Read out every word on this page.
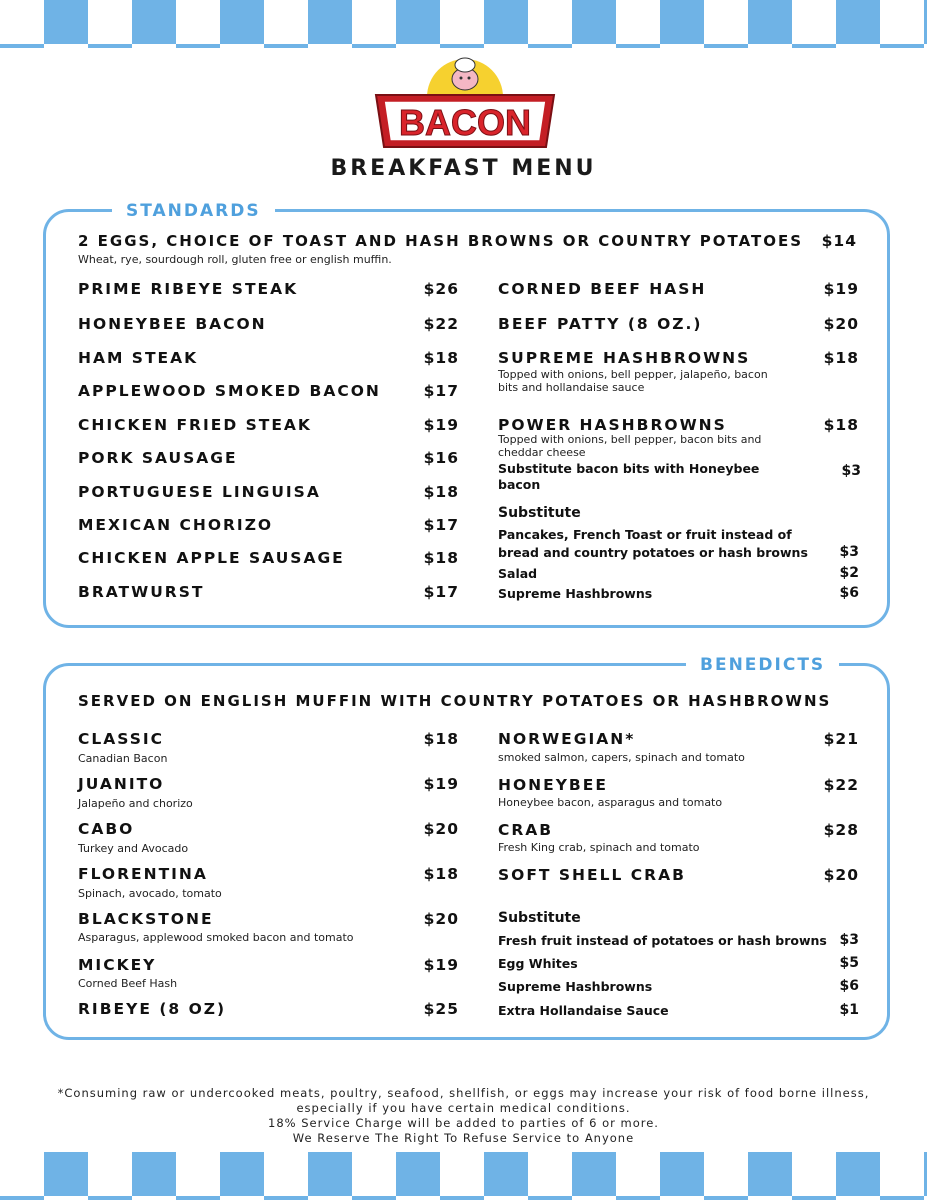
BACON
BREAKFAST MENU
STANDARDS
2 EGGS, CHOICE OF TOAST AND HASH BROWNS OR COUNTRY POTATOES $14
Wheat, rye, sourdough roll, gluten free or english muffin.
PRIME RIBEYE STEAK	$26
HONEYBEE BACON	$22
HAM STEAK	$18
APPLEWOOD SMOKED BACON	$17
CHICKEN FRIED STEAK	$19
PORK SAUSAGE	$16
PORTUGUESE LINGUISA	$18
MEXICAN CHORIZO	$17
CHICKEN APPLE SAUSAGE	$18
BRATWURST	$17
CORNED BEEF HASH	$19
BEEF PATTY (8 OZ.)	$20
SUPREME HASHBROWNS	$18
Topped with onions, bell pepper, jalapeño, bacon
bits and hollandaise sauce
POWER HASHBROWNS	$18
Topped with onions, bell pepper, bacon bits and
cheddar cheese
Substitute bacon bits with Honeybee
bacon
$3
Substitute
Pancakes, French Toast or fruit instead of
bread and country potatoes or hash browns $3
Salad	$2
Supreme Hashbrowns	$6
BENEDICTS
SERVED ON ENGLISH MUFFIN WITH COUNTRY POTATOES OR HASHBROWNS
CLASSIC	$18
Canadian Bacon
JUANITO	$19
Jalapeño and chorizo
CABO	$20
Turkey and Avocado
FLORENTINA	$18
Spinach, avocado, tomato
BLACKSTONE	$20
Asparagus, applewood smoked bacon and tomato
MICKEY	$19
Corned Beef Hash
RIBEYE (8 OZ)	$25
NORWEGIAN*	$21
smoked salmon, capers, spinach and tomato
HONEYBEE	$22
Honeybee bacon, asparagus and tomato
CRAB	$28
Fresh King crab, spinach and tomato
SOFT SHELL CRAB	$20
Substitute
Fresh fruit instead of potatoes or hash browns $3
Egg Whites	$5
Supreme Hashbrowns	$6
Extra Hollandaise Sauce	$1
*Consuming raw or undercooked meats, poultry, seafood, shellfish, or eggs may increase your risk of food borne illness,
especially if you have certain medical conditions.
18% Service Charge will be added to parties of 6 or more.
We Reserve The Right To Refuse Service to Anyone
